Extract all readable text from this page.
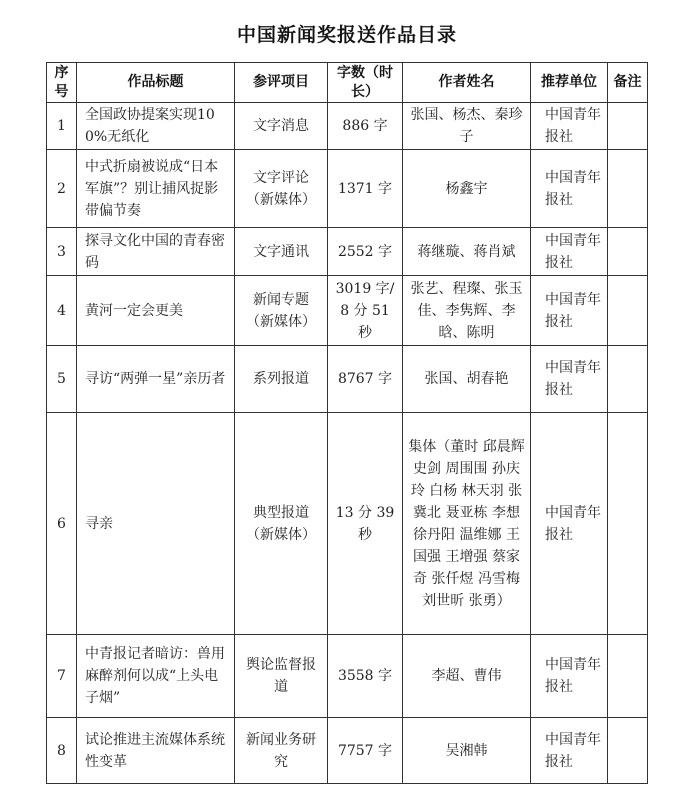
中国新闻奖报送作品目录
序号	作品标题	参评项目	字数（时长）	作者姓名	推荐单位	备注
1	全国政协提案实现100%无纸化	文字消息	886 字	张国、杨杰、秦珍子	中国青年报社	
2	中式折扇被说成“日本军旗”？别让捕风捉影带偏节奏	文字评论（新媒体）	1371 字	杨鑫宇	中国青年报社	
3	探寻文化中国的青春密码	文字通讯	2552 字	蒋继璇、蒋肖斌	中国青年报社	
4	黄河一定会更美	新闻专题（新媒体）	3019 字/ 8 分 51 秒	张艺、程璨、张玉佳、李隽辉、李晗、陈明	中国青年报社	
5	寻访“两弹一星”亲历者	系列报道	8767 字	张国、胡春艳	中国青年报社	
6	寻亲	典型报道（新媒体）	13 分 39 秒	集体（董时 邱晨辉 史剑 周围围 孙庆玲 白杨 林天羽 张冀北 聂亚栋 李想 徐丹阳 温维娜 王国强 王增强 蔡家奇 张仟煜 冯雪梅 刘世昕 张勇）	中国青年报社	
7	中青报记者暗访：兽用麻醉剂何以成“上头电子烟”	舆论监督报道	3558 字	李超、曹伟	中国青年报社	
8	试论推进主流媒体系统性变革	新闻业务研究	7757 字	吴湘韩	中国青年报社	
